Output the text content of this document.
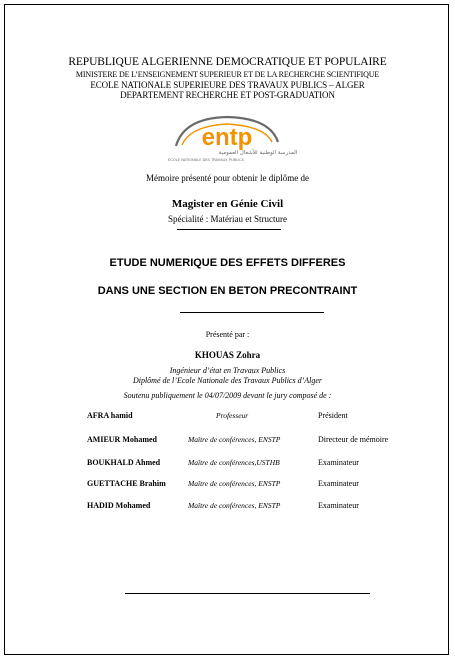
REPUBLIQUE ALGERIENNE DEMOCRATIQUE ET POPULAIRE
MINISTERE DE L’ENSEIGNEMENT SUPERIEUR ET DE LA RECHERCHE SCIENTIFIQUE
ECOLE NATIONALE SUPERIEURE DES TRAVAUX PUBLICS – ALGER
DEPARTEMENT RECHERCHE ET POST-GRADUATION
entp
المدرسة الوطنية للأشغال العمومية
ECOLE NATIONALE DES TRAVAUX PUBLICS
Mémoire présenté pour obtenir le diplôme de
Magister en Génie Civil
Spécialité : Matériau et Structure
ETUDE NUMERIQUE DES EFFETS DIFFERES
DANS UNE SECTION EN BETON PRECONTRAINT
Présenté par :
KHOUAS Zohra
Ingénieur d’état en Travaux Publics
Diplômé de l’Ecole Nationale des Travaux Publics d’Alger
Soutenu publiquement le 04/07/2009 devant le jury composé de :
AFRA hamid	Professeur	Président
AMIEUR Mohamed	Maître de conférences, ENSTP	Directeur de mémoire
BOUKHALD Ahmed	Maître de conférences,USTHB	Examinateur
GUETTACHE Brahim	Maître de conférences, ENSTP	Examinateur
HADID Mohamed	Maître de conférences, ENSTP	Examinateur
